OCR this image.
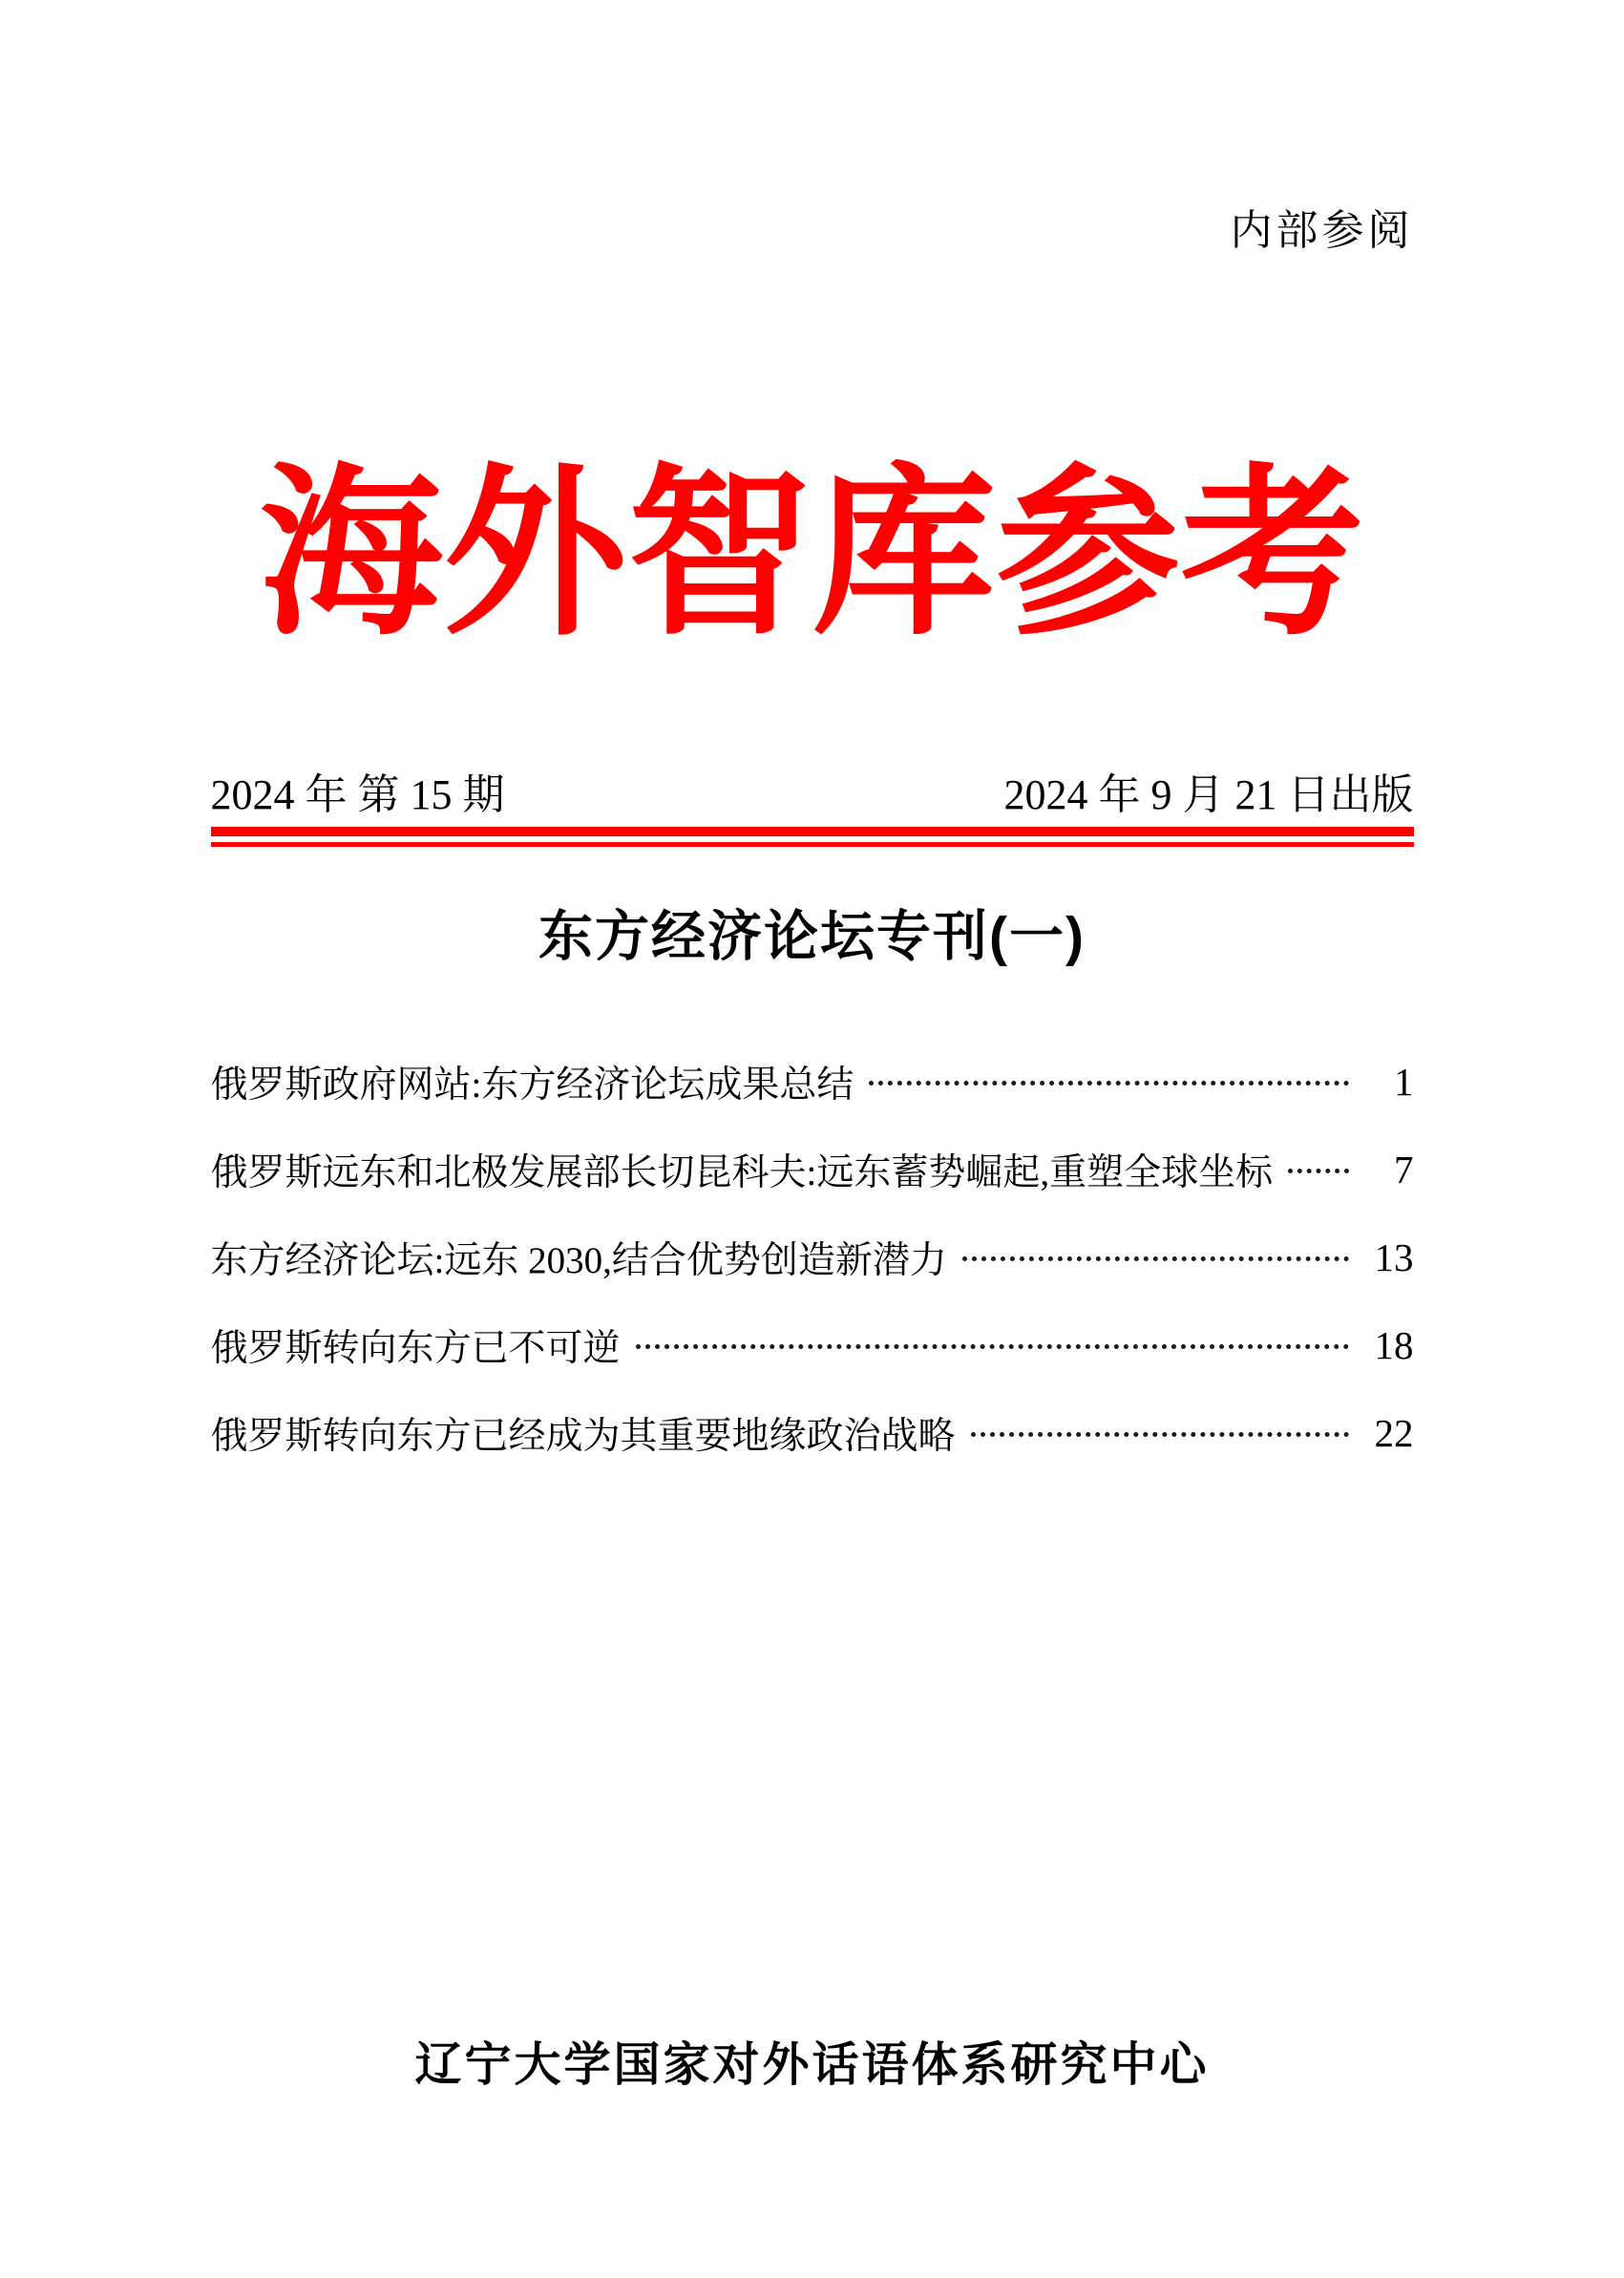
内部参阅
海外智库参考
2024 年 第 15 期	2024 年 9 月 21 日出版
东方经济论坛专刊(一)
俄罗斯政府网站:东方经济论坛成果总结	1
俄罗斯远东和北极发展部长切昆科夫:远东蓄势崛起,重塑全球坐标	7
东方经济论坛:远东 2030,结合优势创造新潜力	13
俄罗斯转向东方已不可逆	18
俄罗斯转向东方已经成为其重要地缘政治战略	22
辽宁大学国家对外话语体系研究中心
